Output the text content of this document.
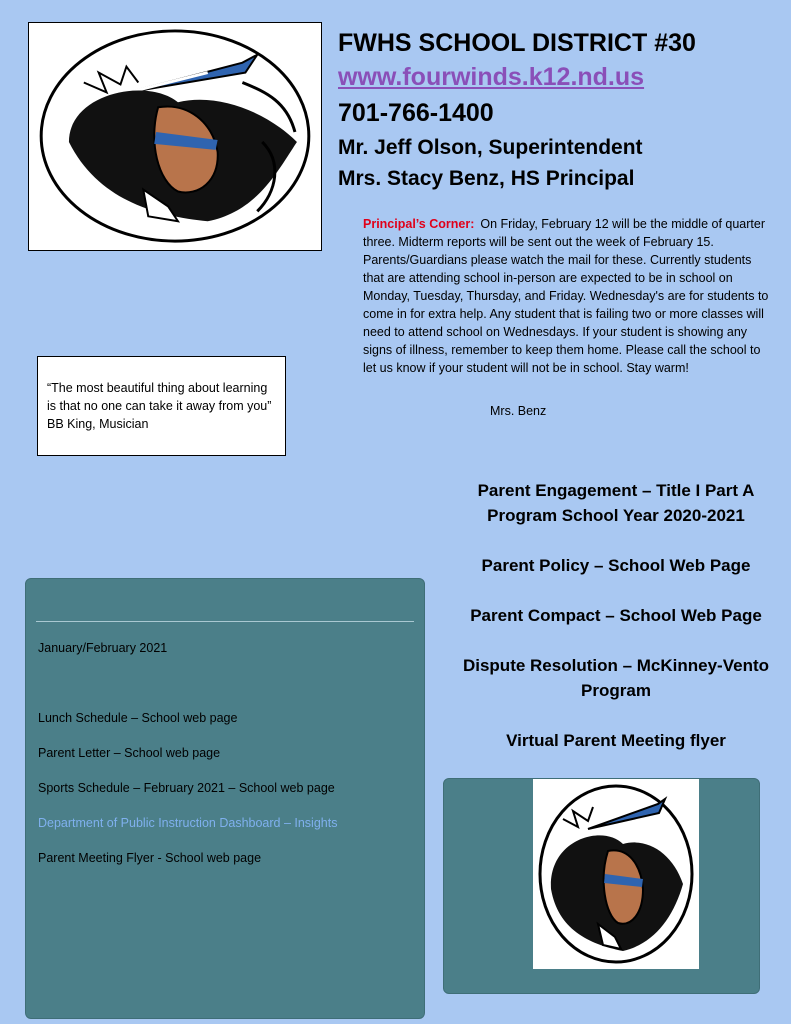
FWHS SCHOOL DISTRICT #30
www.fourwinds.k12.nd.us
701-766-1400
Mr. Jeff Olson, Superintendent
Mrs. Stacy Benz, HS Principal
Principal’s Corner: On Friday, February 12 will be the middle of quarter three. Midterm reports will be sent out the week of February 15. Parents/Guardians please watch the mail for these. Currently students that are attending school in-person are expected to be in school on Monday, Tuesday, Thursday, and Friday. Wednesday's are for students to come in for extra help. Any student that is failing two or more classes will need to attend school on Wednesdays. If your student is showing any signs of illness, remember to keep them home. Please call the school to let us know if your student will not be in school. Stay warm!
Mrs. Benz
“The most beautiful thing about learning is that no one can take it away from you” BB King, Musician
Parent Engagement – Title I Part A Program School Year 2020-2021
Parent Policy – School Web Page
Parent Compact – School Web Page
Dispute Resolution – McKinney-Vento Program
Virtual Parent Meeting flyer
January/February 2021
Lunch Schedule – School web page
Parent Letter – School web page
Sports Schedule – February 2021 – School web page
Department of Public Instruction Dashboard – Insights
Parent Meeting Flyer - School web page
